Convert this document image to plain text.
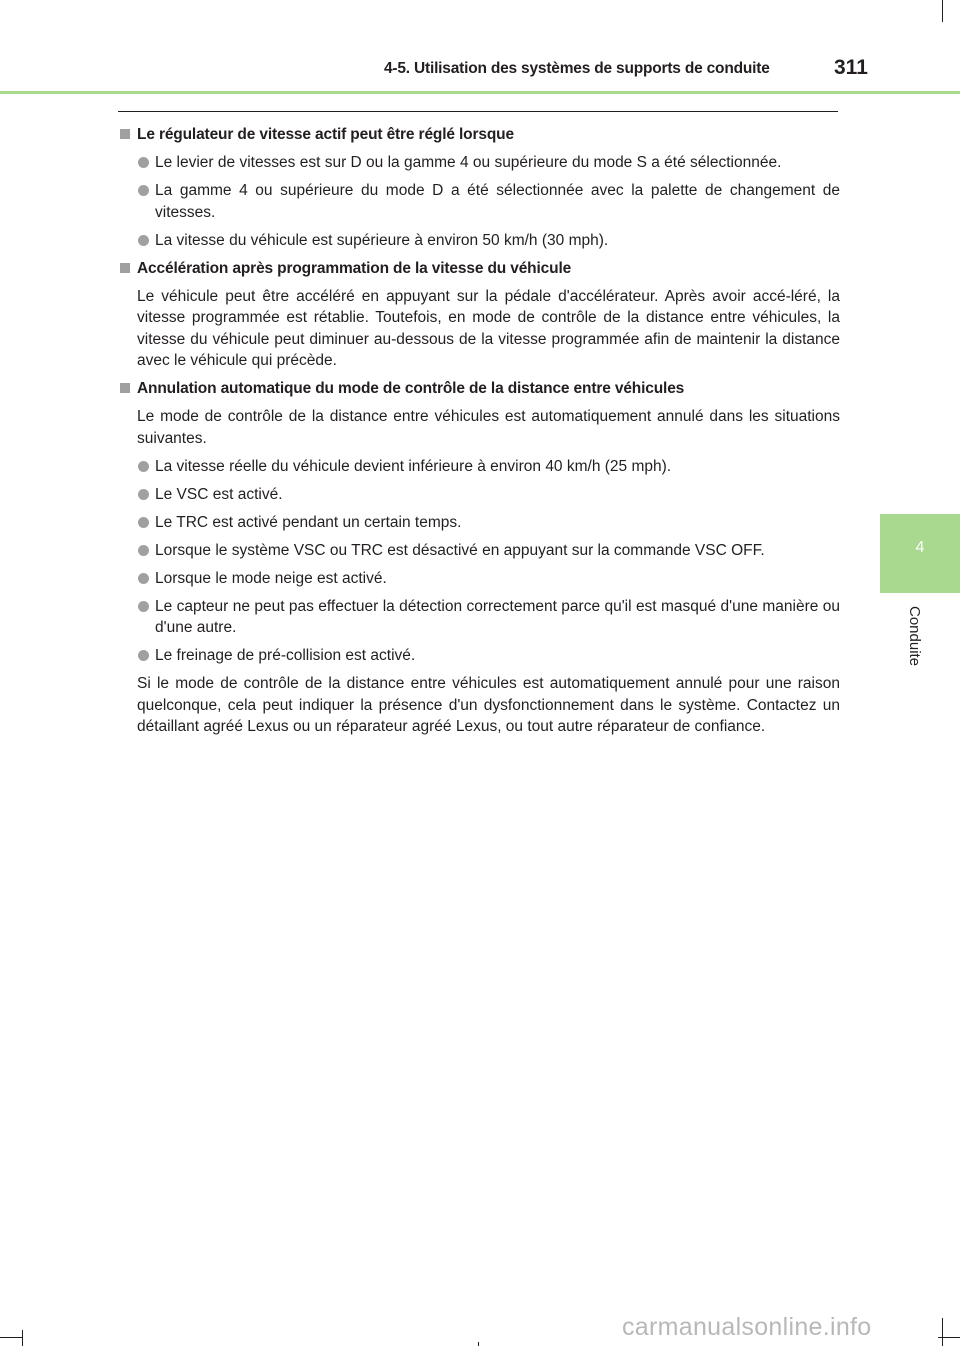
4-5. Utilisation des systèmes de supports de conduite	311
4
Conduite
Le régulateur de vitesse actif peut être réglé lorsque
Le levier de vitesses est sur D ou la gamme 4 ou supérieure du mode S a été sélectionnée.
La gamme 4 ou supérieure du mode D a été sélectionnée avec la palette de changement de vitesses.
La vitesse du véhicule est supérieure à environ 50 km/h (30 mph).
Accélération après programmation de la vitesse du véhicule
Le véhicule peut être accéléré en appuyant sur la pédale d'accélérateur. Après avoir accé-léré, la vitesse programmée est rétablie. Toutefois, en mode de contrôle de la distance entre véhicules, la vitesse du véhicule peut diminuer au-dessous de la vitesse programmée afin de maintenir la distance avec le véhicule qui précède.
Annulation automatique du mode de contrôle de la distance entre véhicules
Le mode de contrôle de la distance entre véhicules est automatiquement annulé dans les situations suivantes.
La vitesse réelle du véhicule devient inférieure à environ 40 km/h (25 mph).
Le VSC est activé.
Le TRC est activé pendant un certain temps.
Lorsque le système VSC ou TRC est désactivé en appuyant sur la commande VSC OFF.
Lorsque le mode neige est activé.
Le capteur ne peut pas effectuer la détection correctement parce qu'il est masqué d'une manière ou d'une autre.
Le freinage de pré-collision est activé.
Si le mode de contrôle de la distance entre véhicules est automatiquement annulé pour une raison quelconque, cela peut indiquer la présence d'un dysfonctionnement dans le système. Contactez un détaillant agréé Lexus ou un réparateur agréé Lexus, ou tout autre réparateur de confiance.
carmanualsonline.info
